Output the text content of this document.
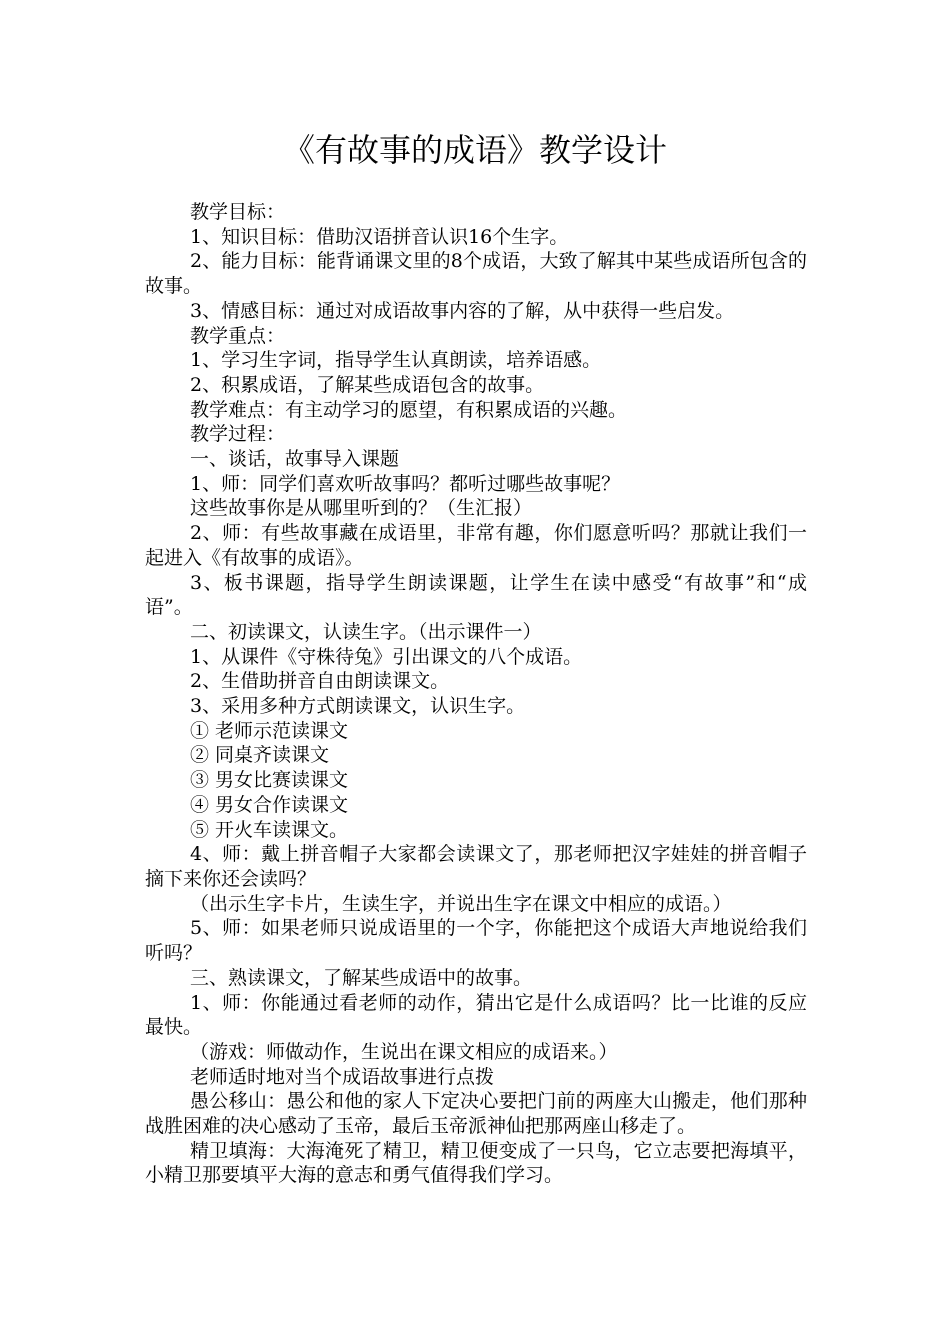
《有故事的成语》教学设计

教学目标：

1、知识目标：借助汉语拼音认识16个生字。

2、能力目标：能背诵课文里的8个成语，大致了解其中某些成语所包含的故事。

3、情感目标：通过对成语故事内容的了解，从中获得一些启发。

教学重点：

1、学习生字词，指导学生认真朗读，培养语感。

2、积累成语，了解某些成语包含的故事。

教学难点：有主动学习的愿望，有积累成语的兴趣。

教学过程：

一、谈话，故事导入课题

1、师：同学们喜欢听故事吗？都听过哪些故事呢？

这些故事你是从哪里听到的？（生汇报）

2、师：有些故事藏在成语里，非常有趣，你们愿意听吗？那就让我们一起进入《有故事的成语》。

3、板书课题，指导学生朗读课题，让学生在读中感受“有故事”和“成语”。

二、初读课文，认读生字。（出示课件一）

1、从课件《守株待兔》引出课文的八个成语。

2、生借助拼音自由朗读课文。

3、采用多种方式朗读课文，认识生字。

① 老师示范读课文

② 同桌齐读课文

③ 男女比赛读课文

④ 男女合作读课文

⑤ 开火车读课文。

4、师：戴上拼音帽子大家都会读课文了，那老师把汉字娃娃的拼音帽子摘下来你还会读吗？

（出示生字卡片，生读生字，并说出生字在课文中相应的成语。）

5、师：如果老师只说成语里的一个字，你能把这个成语大声地说给我们听吗？

三、熟读课文，了解某些成语中的故事。

1、师：你能通过看老师的动作，猜出它是什么成语吗？比一比谁的反应最快。

（游戏：师做动作，生说出在课文相应的成语来。）

老师适时地对当个成语故事进行点拨

愚公移山：愚公和他的家人下定决心要把门前的两座大山搬走，他们那种战胜困难的决心感动了玉帝，最后玉帝派神仙把那两座山移走了。

精卫填海：大海淹死了精卫，精卫便变成了一只鸟，它立志要把海填平，小精卫那要填平大海的意志和勇气值得我们学习。
